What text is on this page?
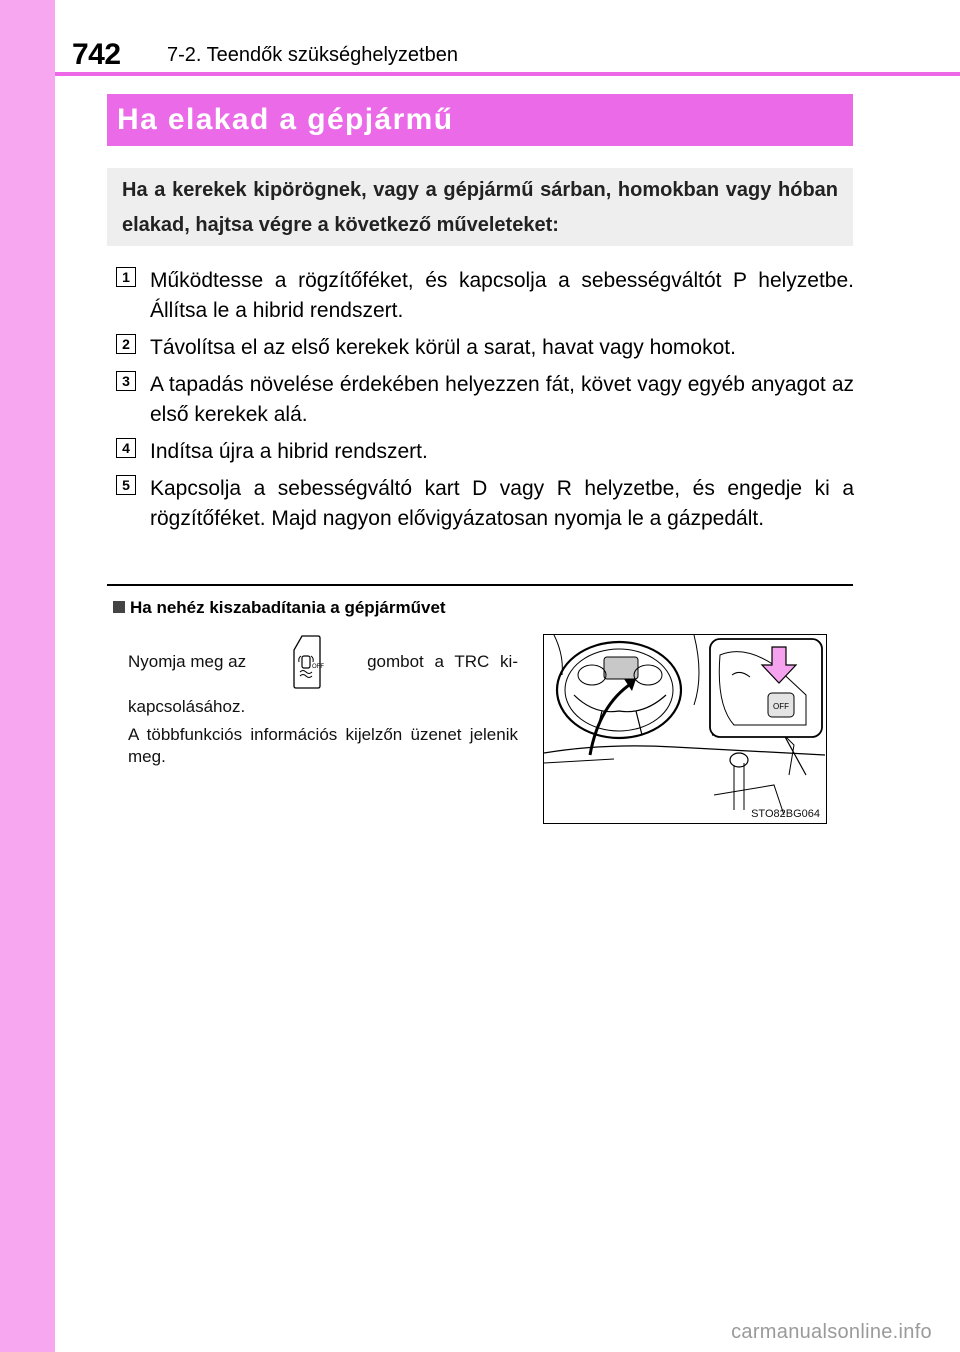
742 7-2. Teendők szükséghelyzetben
Ha elakad a gépjármű
Ha a kerekek kipörögnek, vagy a gépjármű sárban, homokban vagy hóban elakad, hajtsa végre a következő műveleteket:
1 Működtesse a rögzítőféket, és kapcsolja a sebességváltót P helyzetbe. Állítsa le a hibrid rendszert.
2 Távolítsa el az első kerekek körül a sarat, havat vagy homokot.
3 A tapadás növelése érdekében helyezzen fát, követ vagy egyéb anyagot az első kerekek alá.
4 Indítsa újra a hibrid rendszert.
5 Kapcsolja a sebességváltó kart D vagy R helyzetbe, és engedje ki a rögzítőféket. Majd nagyon elővigyázatosan nyomja le a gázpedált.
Ha nehéz kiszabadítania a gépjárművet
Nyomja meg az	OFF	gombot a TRC ki-
kapcsolásához.
A többfunkciós információs kijelzőn üzenet jelenik meg.
OFF
STO82BG064
carmanualsonline.info
